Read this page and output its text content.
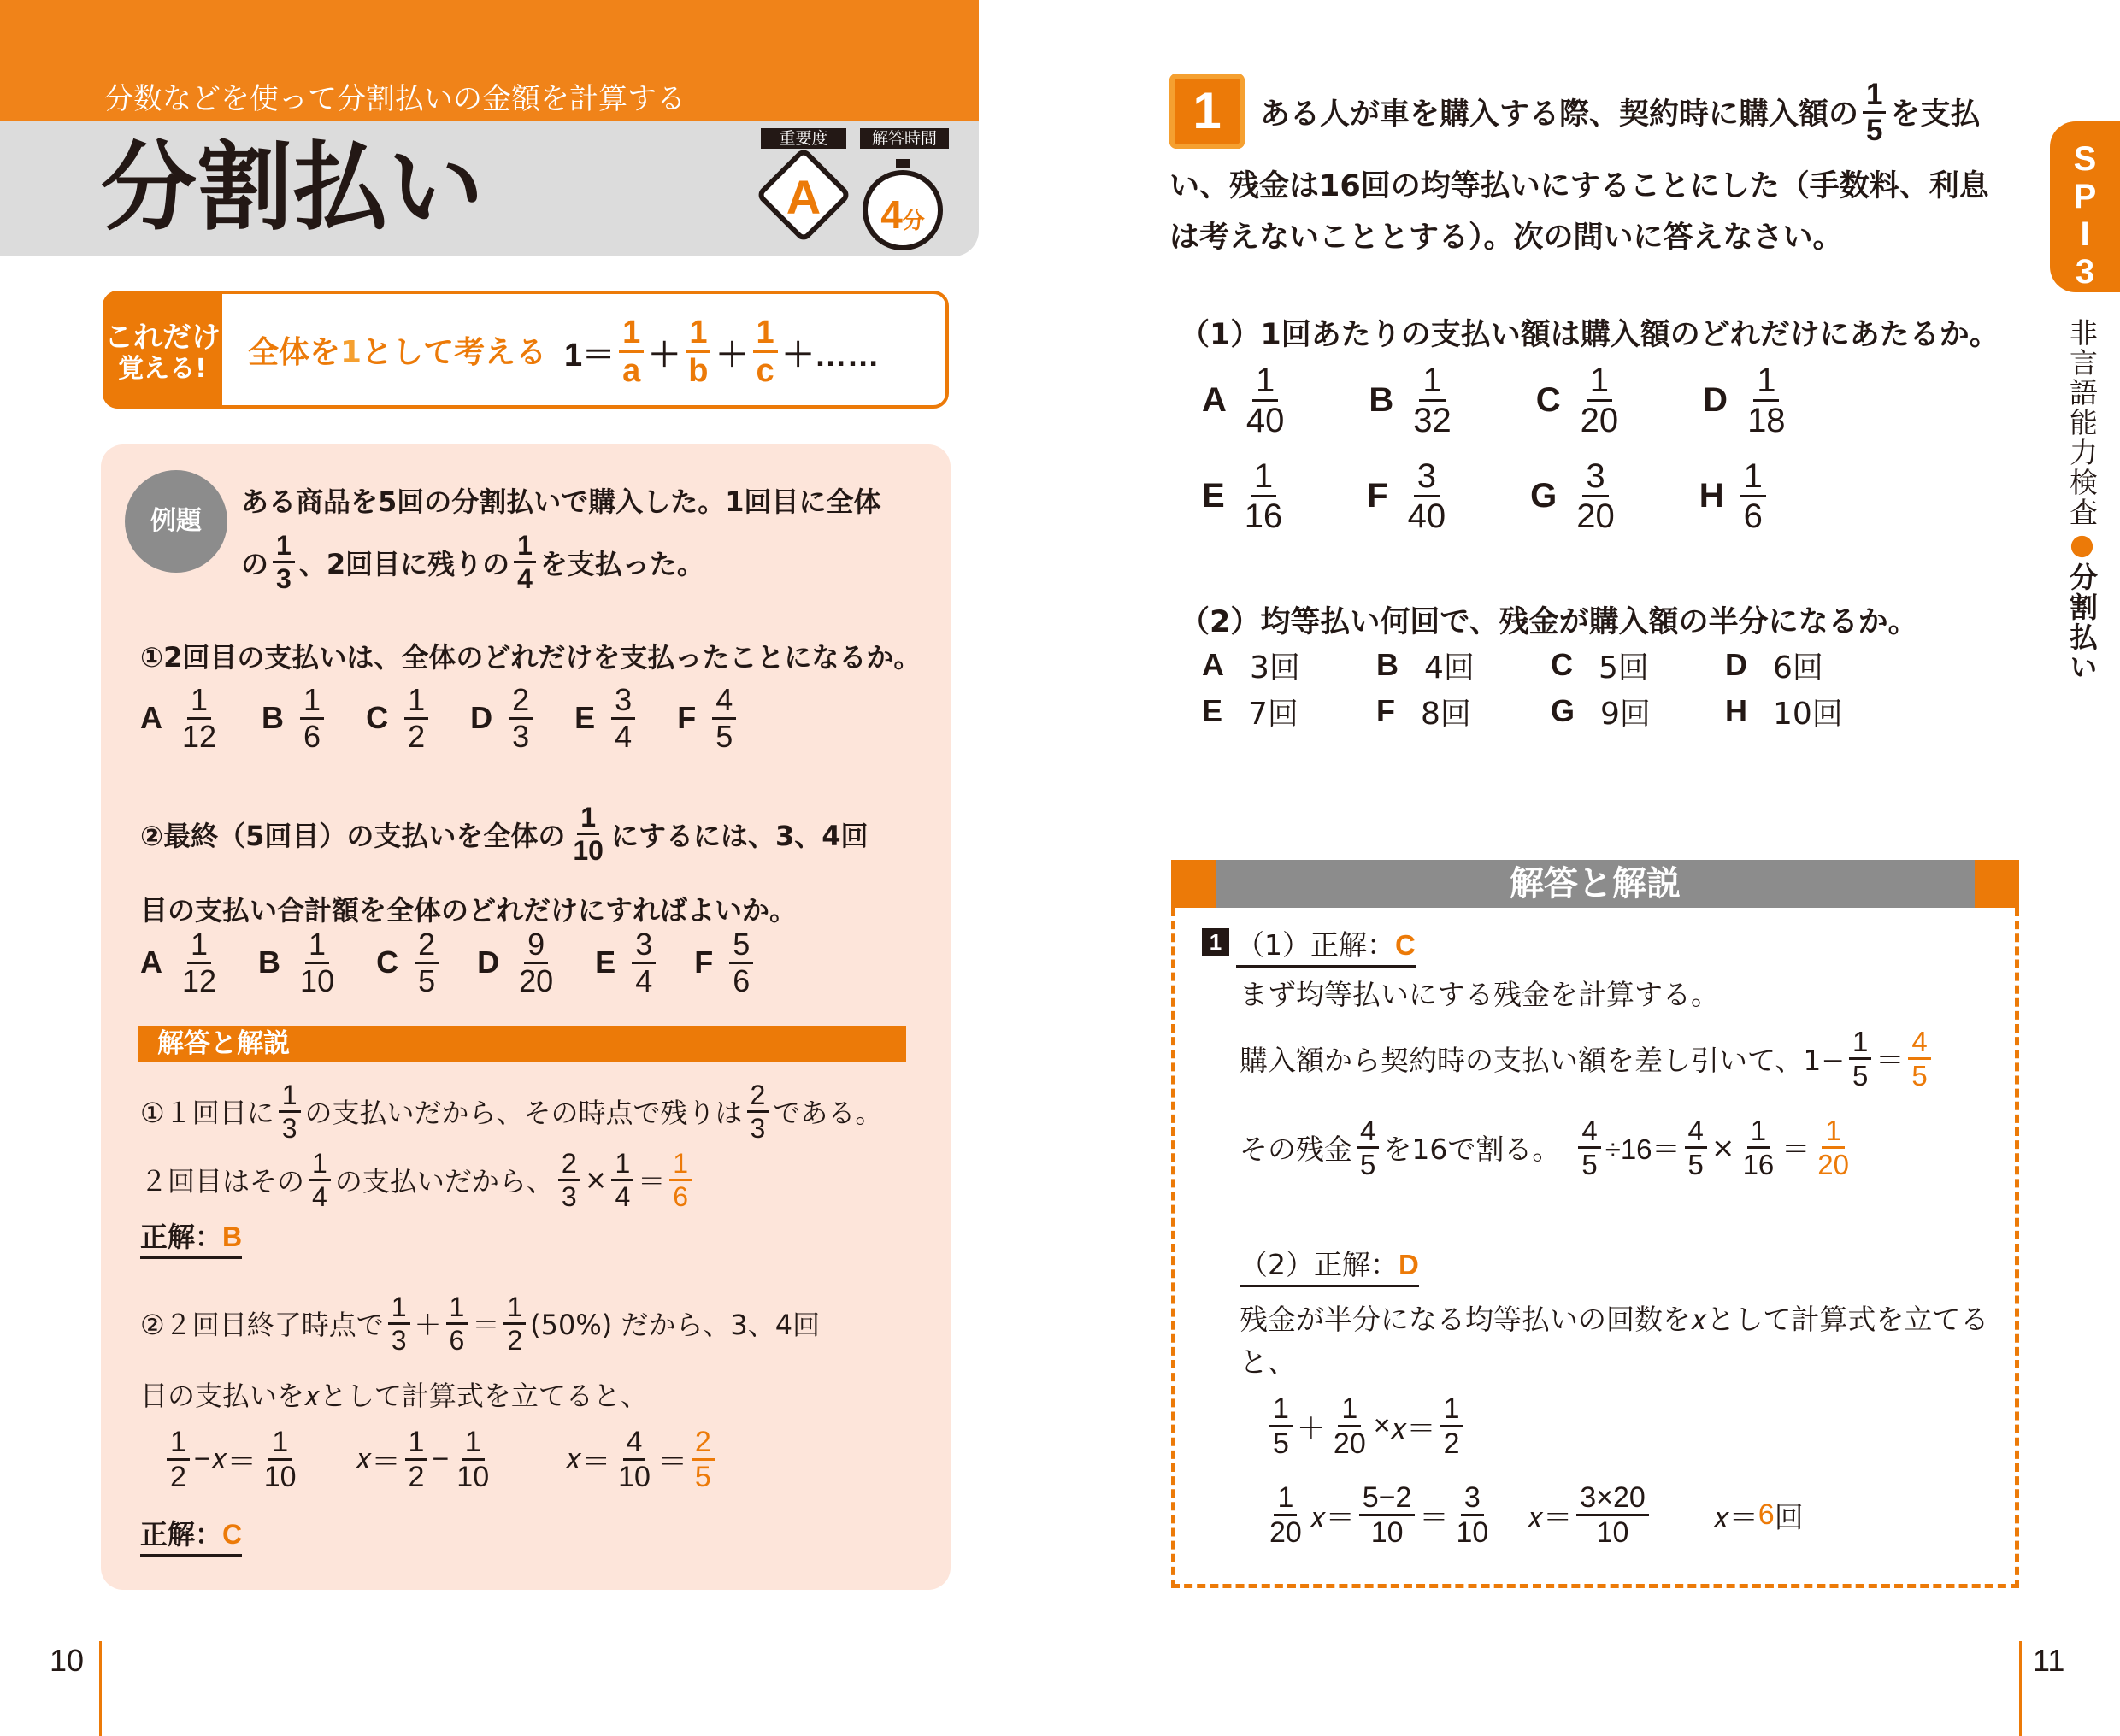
分数などを使って分割払いの金額を計算する
分割払い	重要度
A
解答時間
4分
これだけ
覚える!	全体を1として考える $1= \frac{1}{a} + \frac{1}{b} + \frac{1}{c}$ ＋……
例題
ある商品を5回の分割払いで購入した。1回目に全体
の $\frac{1}{3}$ 、2回目に残りの $\frac{1}{4}$ を支払った。
①2回目の支払いは、全体のどれだけを支払ったことになるか。
A $\frac{1}{12}$ B $\frac{1}{6}$ C $\frac{1}{2}$ D $\frac{2}{3}$ E $\frac{3}{4}$ F $\frac{4}{5}$
②最終（5回目）の支払いを全体の $\frac{1}{10}$ にするには、3、4回
目の支払い合計額を全体のどれだけにすればよいか。
A $\frac{1}{12}$ B $\frac{1}{10}$ C $\frac{2}{5}$ D $\frac{9}{20}$ E $\frac{3}{4}$ F $\frac{5}{6}$
解答と解説
①１回目に $\frac{1}{3}$ の支払いだから、その時点で残りは $\frac{2}{3}$ である。
２回目はその $\frac{1}{4}$ の支払いだから、 $\frac{2}{3} \times \frac{1}{4} = \frac{1}{6}$
正解：B
②２回目終了時点で $\frac{1}{3} + \frac{1}{6} = \frac{1}{2} (50\%)$ だから、3、4回
目の支払いを𝑥として計算式を立てると、
$\frac{1}{2}$ − 𝑥 ＝ $\frac{1}{10}$ 𝑥 ＝ $\frac{1}{2} - \frac{1}{10}$	𝑥 ＝ $\frac{4}{10} = \frac{2}{5}$
正解：C
10
1	ある人が車を購入する際、契約時に購入額の $\frac{1}{5}$ を支払
い、残金は16回の均等払いにすることにした（手数料、利息
は考えないこととする）。次の問いに答えなさい。
（1）1回あたりの支払い額は購入額のどれだけにあたるか。
A $\frac{1}{40}$ B $\frac{1}{32}$ C $\frac{1}{20}$ D $\frac{1}{18}$
E $\frac{1}{16}$ F $\frac{3}{40}$ G $\frac{3}{20}$ H $\frac{1}{6}$
（2）均等払い何回で、残金が購入額の半分になるか。
A 3回 B 4回 C 5回 D 6回
E 7回	F 8回	G 9回 H 10回
解答と解説
1 （1）正解：C
まず均等払いにする残金を計算する。
購入額から契約時の支払い額を差し引いて、$1- \frac{1}{5} = \frac{4}{5}$
その残金 $\frac{4}{5}$ を16で割る。 $\frac{4}{5} \div 16= \frac{4}{5} \times \frac{1}{16} = \frac{1}{20}$
（2）正解：D
残金が半分になる均等払いの回数を𝑥として計算式を立てる
と、
$\frac{1}{5} + \frac{1}{20}$ × 𝑥＝ $\frac{1}{2}$
$\frac{1}{20}$ 𝑥＝ $\frac{5-2}{10} = \frac{3}{10}$ 𝑥＝ $\frac{3\times 20}{10}$ 𝑥＝ 6 回
SPI3
非言語能力検査●分割払い
11
